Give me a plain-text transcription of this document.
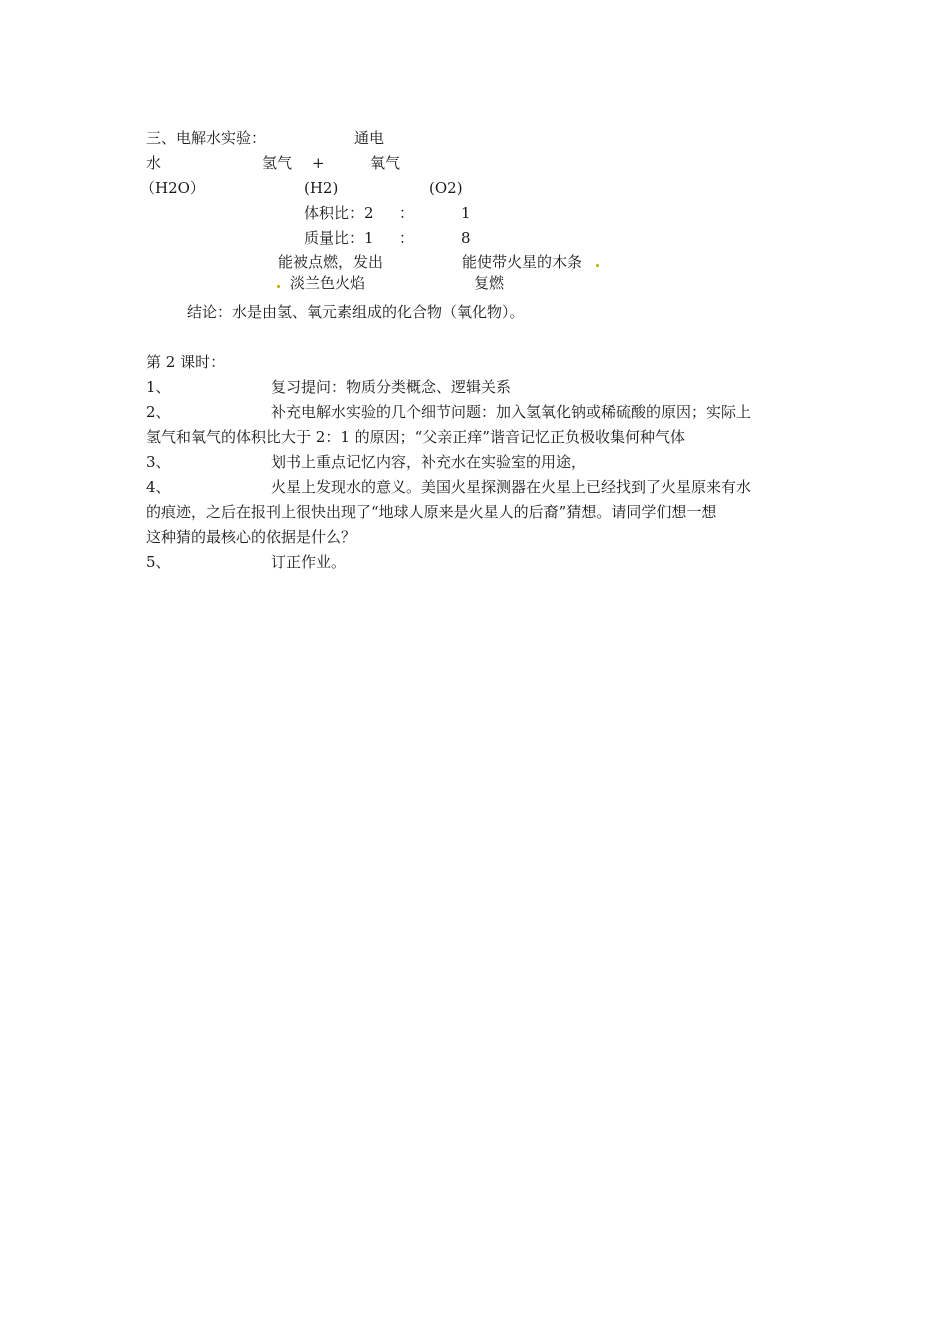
三、电解水实验：	通电
水	氢气 +	氧气
（H2O）	(H2)	(O2)
体积比：2 ：	1
质量比：1 ：	8
能被点燃，发出	能使带火星的木条
淡兰色火焰	复燃
结论：水是由氢、氧元素组成的化合物（氧化物）。
第 2 课时：
1、	复习提问：物质分类概念、逻辑关系
2、	补充电解水实验的几个细节问题：加入氢氧化钠或稀硫酸的原因；实际上
氢气和氧气的体积比大于 2：1 的原因；“父亲正痒”谐音记忆正负极收集何种气体
3、	划书上重点记忆内容，补充水在实验室的用途，
4、	火星上发现水的意义。美国火星探测器在火星上已经找到了火星原来有水
的痕迹，之后在报刊上很快出现了“地球人原来是火星人的后裔”猜想。请同学们想一想
这种猜的最核心的依据是什么？
5、	订正作业。
